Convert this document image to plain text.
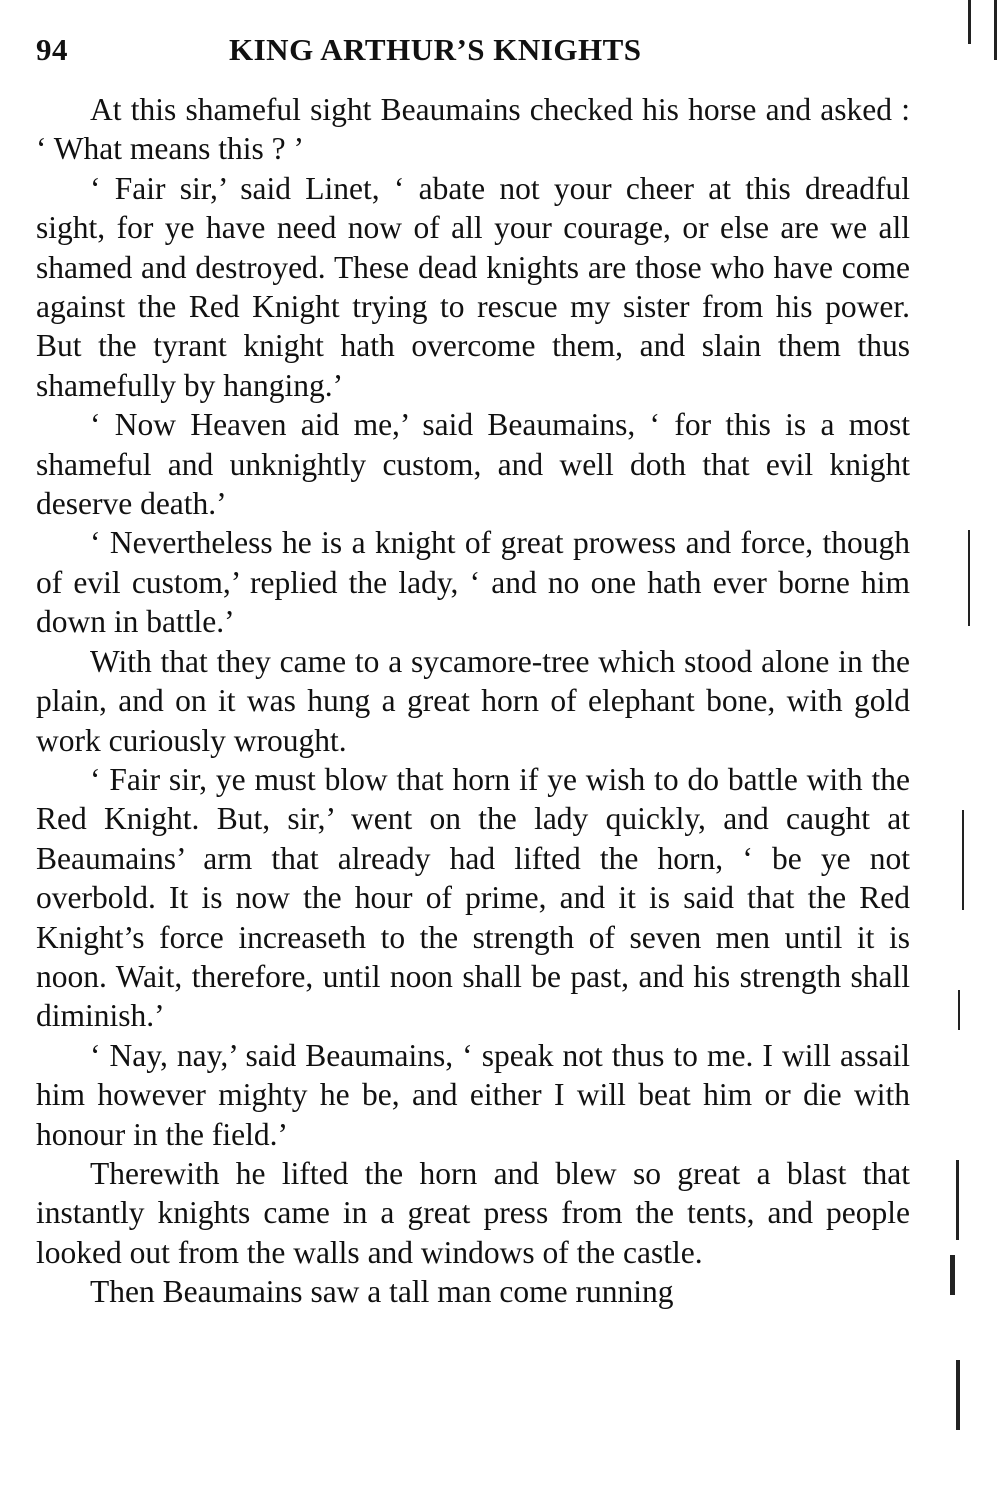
94	KING ARTHUR’S KNIGHTS

At this shameful sight Beaumains checked his horse and asked : ‘ What means this ? ’

‘ Fair sir,’ said Linet, ‘ abate not your cheer at this dreadful sight, for ye have need now of all your courage, or else are we all shamed and destroyed. These dead knights are those who have come against the Red Knight trying to rescue my sister from his power. But the tyrant knight hath overcome them, and slain them thus shamefully by hanging.’

‘ Now Heaven aid me,’ said Beaumains, ‘ for this is a most shameful and unknightly custom, and well doth that evil knight deserve death.’

‘ Nevertheless he is a knight of great prowess and force, though of evil custom,’ replied the lady, ‘ and no one hath ever borne him down in battle.’

With that they came to a sycamore-tree which stood alone in the plain, and on it was hung a great horn of elephant bone, with gold work curiously wrought.

‘ Fair sir, ye must blow that horn if ye wish to do battle with the Red Knight. But, sir,’ went on the lady quickly, and caught at Beaumains’ arm that already had lifted the horn, ‘ be ye not overbold. It is now the hour of prime, and it is said that the Red Knight’s force increaseth to the strength of seven men until it is noon. Wait, therefore, until noon shall be past, and his strength shall diminish.’

‘ Nay, nay,’ said Beaumains, ‘ speak not thus to me. I will assail him however mighty he be, and either I will beat him or die with honour in the field.’

Therewith he lifted the horn and blew so great a blast that instantly knights came in a great press from the tents, and people looked out from the walls and windows of the castle.

Then Beaumains saw a tall man come running
